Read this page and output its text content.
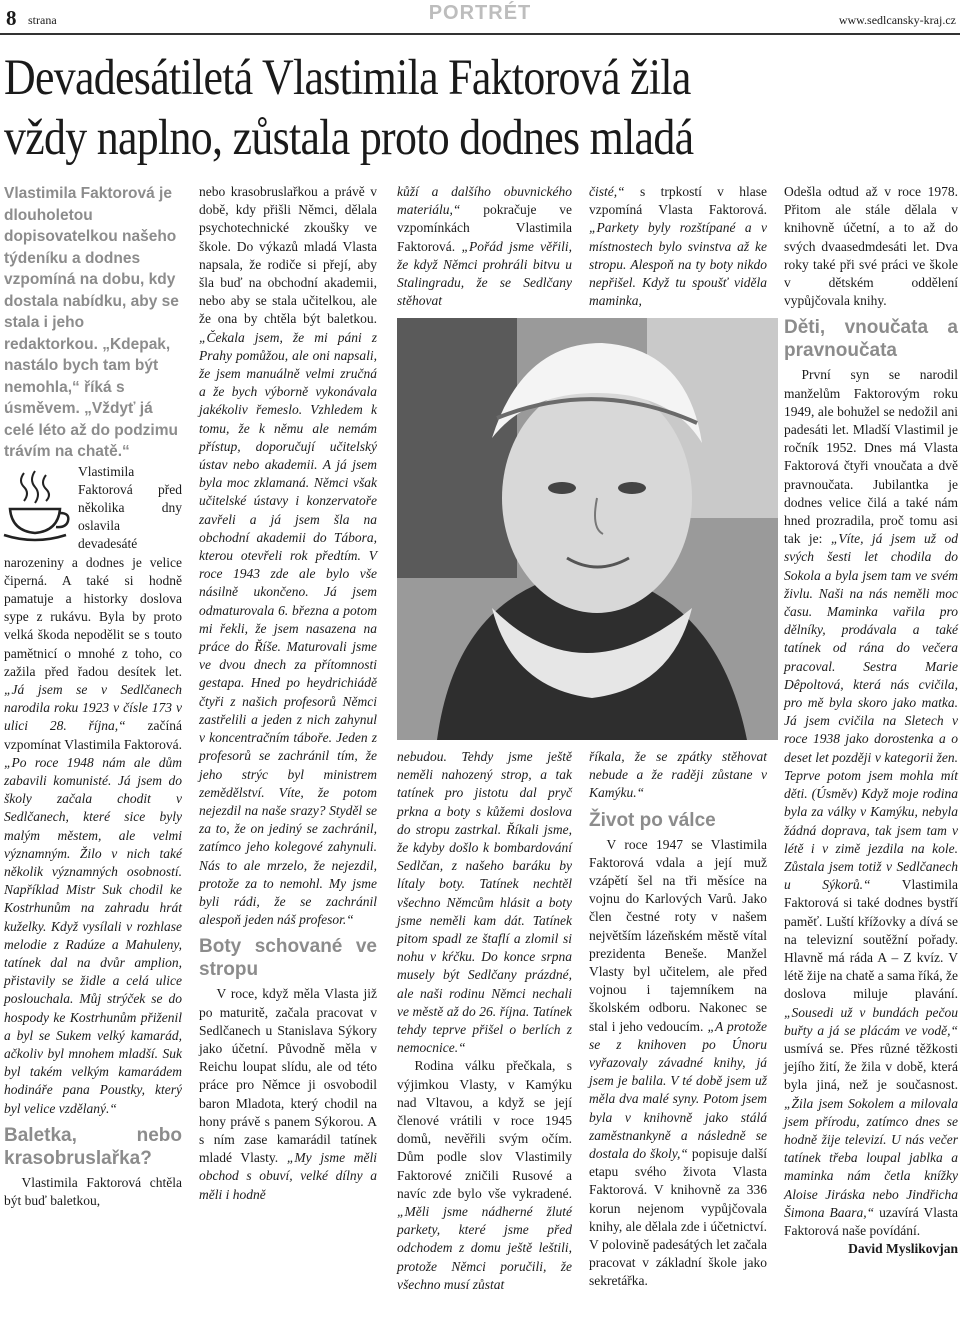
8 strana	PORTRÉT	www.sedlcansky-kraj.cz
Devadesátiletá Vlastimila Faktorová žila
vždy naplno, zůstala proto dodnes mladá

Vlastimila Faktorová je dlouholetou dopisovatelkou našeho týdeníku a dodnes vzpomíná na dobu, kdy dostala nabídku, aby se stala i jeho redaktorkou. „Kdepak, nastálo bych tam být nemohla,“ říká s úsměvem. „Vždyť já celé léto až do podzimu trávím na chatě.“

Vlastimila Faktorová před několika dny oslavila devadesáté narozeniny a dodnes je velice čiperná. A také si hodně pamatuje a historky doslova sype z rukávu. Byla by proto velká škoda nepodělit se s touto pamětnicí o mnohé z toho, co zažila před řadou desítek let. „Já jsem se v Sedlčanech narodila roku 1923 v čísle 173 v ulici 28. října,“ začíná vzpomínat Vlastimila Faktorová. „Po roce 1948 nám ale dům zabavili komunisté. Já jsem do školy začala chodit v Sedlčanech, které sice byly malým městem, ale velmi významným. Žilo v nich také několik významných osobností. Například Mistr Suk chodil ke Kostrhunům na zahradu hrát kuželky. Když vysílali v rozhlase melodie z Radúze a Mahuleny, tatínek dal na dvůr amplion, přistavily se židle a celá ulice poslouchala. Můj strýček se do hospody ke Kostrhunům přiženil a byl se Sukem velký kamarád, ačkoliv byl mnohem mladší. Suk byl takém velkým kamarádem hodinářе pana Poustky, který byl velice vzdělaný.“

Baletka, nebo krasobruslařka?

Vlastimila Faktorová chtěla být buď baletkou,

nebo krasobruslařkou a právě v době, kdy přišli Němci, dělala psychotechnické zkoušky ve škole. Do výkazů mladá Vlasta napsala, že rodiče si přejí, aby šla buď na obchodní akademii, nebo aby se stala učitelkou, ale že ona by chtěla být baletkou. „Čekala jsem, že mi páni z Prahy pomůžou, ale oni napsali, že jsem manuálně velmi zručná a že bych výborně vykonávala jakékoliv řemeslo. Vzhledem k tomu, že k němu ale nemám přístup, doporučují učitelský ústav nebo akademii. A já jsem byla moc zklamaná. Němci však učitelské ústavy i konzervatoře zavřeli a já jsem šla na obchodní akademii do Tábora, kterou otevřeli rok předtím. V roce 1943 zde ale bylo vše násilně ukončeno. Já jsem odmaturovala 6. března a potom mi řekli, že jsem nasazena na práce do Říše. Maturovali jsme ve dvou dnech za přítomnosti gestapa. Hned po heydrichiádě čtyři z našich profesorů Němci zastřelili a jeden z nich zahynul v koncentračním táboře. Jeden z profesorů se zachránil tím, že jeho strýc byl ministrem zemědělství. Víte, že potom nejezdil na naše srazy? Styděl se za to, že on jediný se zachránil, zatímco jeho kolegové zahynuli. Nás to ale mrzelo, že nejezdil, protože za to nemohl. My jsme byli rádi, že se zachránil alespoň jeden náš profesor.“

Boty schované ve stropu

V roce, když měla Vlasta již po maturitě, začala pracovat v Sedlčanech u Stanislava Sýkory jako účetní. Původně měla v Reichu loupat slídu, ale od této práce pro Němce ji osvobodil baron Mladota, který chodil na hony právě s panem Sýkorou. A s ním zase kamarádil tatínek mladé Vlasty. „My jsme měli obchod s obuví, velké dílny a měli i hodně

kůží a dalšího obuvnického materiálu,“ pokračuje ve vzpomínkách Vlastimila Faktorová. „Pořád jsme věřili, že když Němci prohráli bitvu u Stalingradu, že se Sedlčany stěhovat

čisté,“ s trpkostí v hlase vzpomíná Vlasta Faktorová. „Parkety byly rozštípané a v místnostech bylo svinstva až ke stropu. Alespoň na ty boty nikdo nepřišel. Když tu spoušť viděla maminka,

nebudou. Tehdy jsme ještě neměli nahozený strop, a tak tatínek pro jistotu dal pryč prkna a boty s kůžemi doslova do stropu zastrkal. Říkali jsme, že kdyby došlo k bombardování Sedlčan, z našeho baráku by lítaly boty. Tatínek nechtěl všechno Němcům hlásit a boty jsme neměli kam dát. Tatínek pitom spadl ze štaflí a zlomil si nohu v kŕčku. Do konce srpna musely být Sedlčany prázdné, ale naši rodinu Němci nechali ve městě až do 26. října. Tatínek tehdy teprve přišel o berlích z nemocnice.“

Rodina válku přečkala, s výjimkou Vlasty, v Kamýku nad Vltavou, a když se její členové vrátili v roce 1945 domů, nevěřili svým očím. Dům podle slov Vlastimily Faktorové zničili Rusové a navíc zde bylo vše vykradené. „Měli jsme nádherné žluté parkety, které jsme před odchodem z domu ještě leštili, protože Němci poručili, že všechno musí zůstat

říkala, že se zpátky stěhovat nebude a že raději zůstane v Kamýku.“

Život po válce

V roce 1947 se Vlastimila Faktorová vdala a její muž vzápětí šel na tři měsíce na vojnu do Karlových Varů. Jako člen čestné roty v našem největším lázeňském městě vítal prezidenta Beneše. Manžel Vlasty byl učitelem, ale před vojnou i tajemníkem na školském odboru. Nakonec se stal i jeho vedoucím. „A protože se z knihoven po Únoru vyřazovaly závadné knihy, já jsem je balila. V té době jsem už měla dva malé syny. Potom jsem byla v knihovně jako stálá zaměstnankyně a následně se dostala do školy,“ popisuje další etapu svého života Vlasta Faktorová. V knihovně za 336 korun nejenom vypůjčovala knihy, ale dělala zde i účetnictví. V polovině padesátých let začala pracovat v základní škole jako sekretářka.

Odešla odtud až v roce 1978. Přitom ale stále dělala v knihovně účetní, a to až do svých dvaasedmdesáti let. Dva roky také při své práci ve škole v dětském oddělení vypůjčovala knihy.

Děti, vnoučata a pravnoučata

První syn se narodil manželům Faktorovým roku 1949, ale bohužel se nedožil ani padesáti let. Mladší Vlastimil je ročník 1952. Dnes má Vlasta Faktorová čtyři vnoučata a dvě pravnoučata. Jubilantka je dodnes velice čilá a také nám hned prozradila, proč tomu asi tak je: „Víte, já jsem už od svých šesti let chodila do Sokola a byla jsem tam ve svém živlu. Naši na nás neměli moc času. Maminka vařila pro dělníky, prodávala a také tatínek od rána do večera pracoval. Sestra Marie Dêpoltová, která nás cvičila, pro mě byla skoro jako matka. Já jsem cvičila na Sletech v roce 1938 jako dorostenka a o deset let později v kategorii žen. Teprve potom jsem mohla mít děti. (Úsměv) Když moje rodina byla za války v Kamýku, nebyla žádná doprava, tak jsem tam v létě i v zimě jezdila na kole. Zůstala jsem totiž v Sedlčanech u Sýkorů.“ Vlastimila Faktorová si také dodnes bystří paměť. Luští křížovky a dívá se na televizní soutěžní pořady. Hlavně má ráda A – Z kvíz. V létě žije na chatě a sama říká, že doslova miluje plavání. „Sousedi už v bundách pečou buřty a já se plácám ve vodě,“ usmívá se. Přes různé těžkosti jejího žití, že žila v době, která byla jiná, než je současnost. „Žila jsem Sokolem a milovala jsem přírodu, zatímco dnes se hodně žije televizí. U nás večer tatínek třeba loupal jablka a maminka nám četla knížky Aloise Jiráska nebo Jindřicha Šimona Baara,“ uzavírá Vlasta Faktorová naše povídání.

David Myslikovjan
